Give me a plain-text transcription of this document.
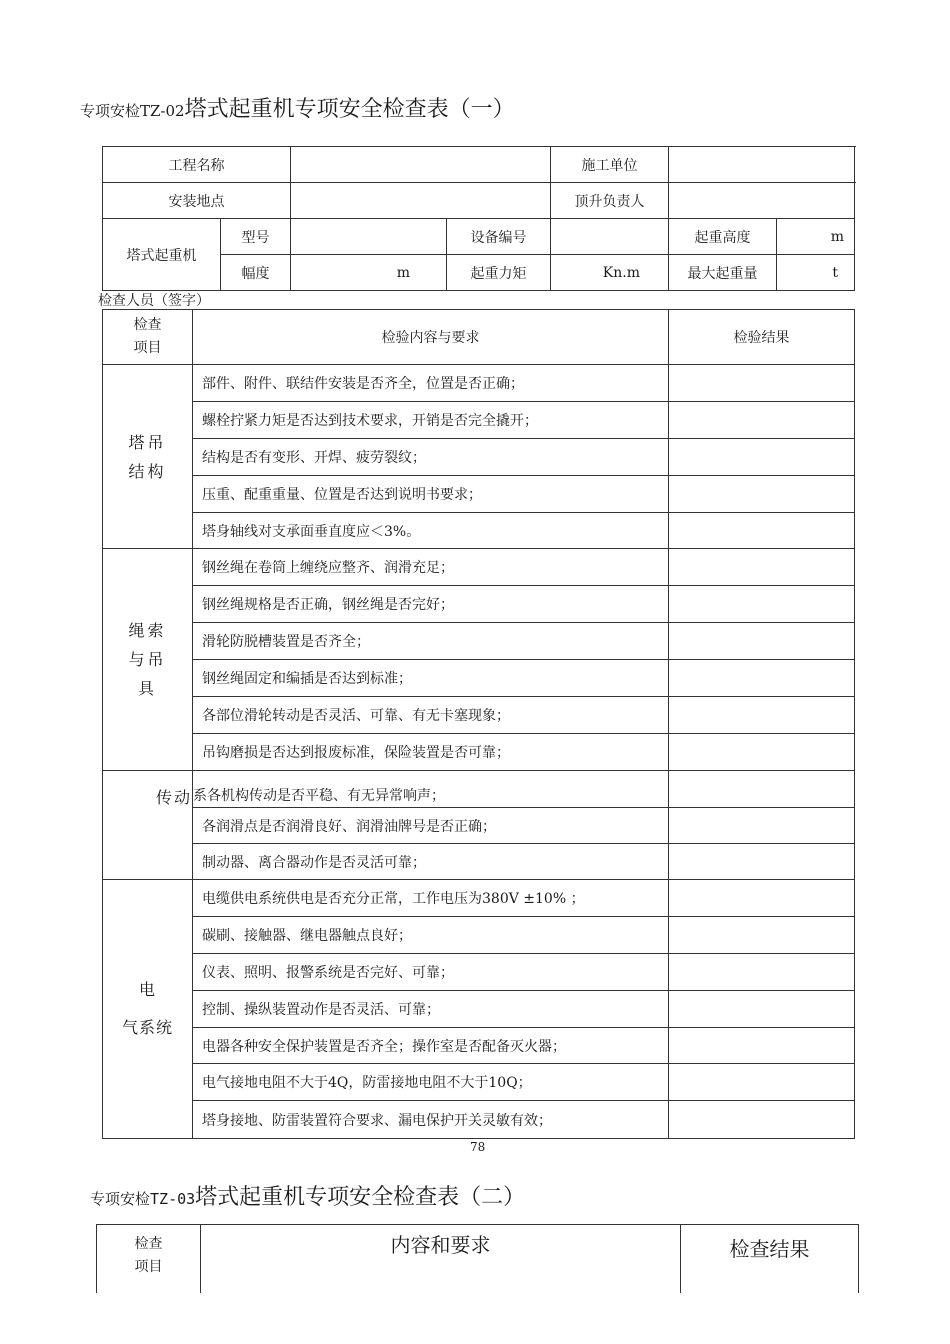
专项安检TZ-02塔式起重机专项安全检查表（一）
工程名称				施工单位		
安装地点				顶升负责人		
塔式起重机	型号		设备编号		起重高度	m
	幅度	m	起重力矩	Kn.m	最大起重量	t
检查人员（签字）
检查
项目	检验内容与要求	检验结果
塔吊
结构	部件、附件、联结件安装是否齐全，位置是否正确；	
	螺栓拧紧力矩是否达到技术要求，开销是否完全撬开；	
	结构是否有变形、开焊、疲劳裂纹；	
	压重、配重重量、位置是否达到说明书要求；	
	塔身轴线对支承面垂直度应＜3%。	
绳索
与吊
具	钢丝绳在卷筒上缠绕应整齐、润滑充足；	
	钢丝绳规格是否正确，钢丝绳是否完好；	
	滑轮防脱槽装置是否齐全；	
	钢丝绳固定和编插是否达到标准；	
	各部位滑轮转动是否灵活、可靠、有无卡塞现象；	
	吊钩磨损是否达到报废标准，保险装置是否可靠；	
传动	系各机构传动是否平稳、有无异常响声；	
	各润滑点是否润滑良好、润滑油牌号是否正确；	
	制动器、离合器动作是否灵活可靠；	
电
气系统	电缆供电系统供电是否充分正常，工作电压为380V ±10% ；	
	碳刷、接触器、继电器触点良好；	
	仪表、照明、报警系统是否完好、可靠；	
	控制、操纵装置动作是否灵活、可靠；	
	电器各种安全保护装置是否齐全；操作室是否配备灭火器；	
	电气接地电阻不大于4Q，防雷接地电阻不大于10Q；	
	塔身接地、防雷装置符合要求、漏电保护开关灵敏有效；	
78
专项安检TZ-03塔式起重机专项安全检查表（二）
检查
项目	内容和要求	检查结果
